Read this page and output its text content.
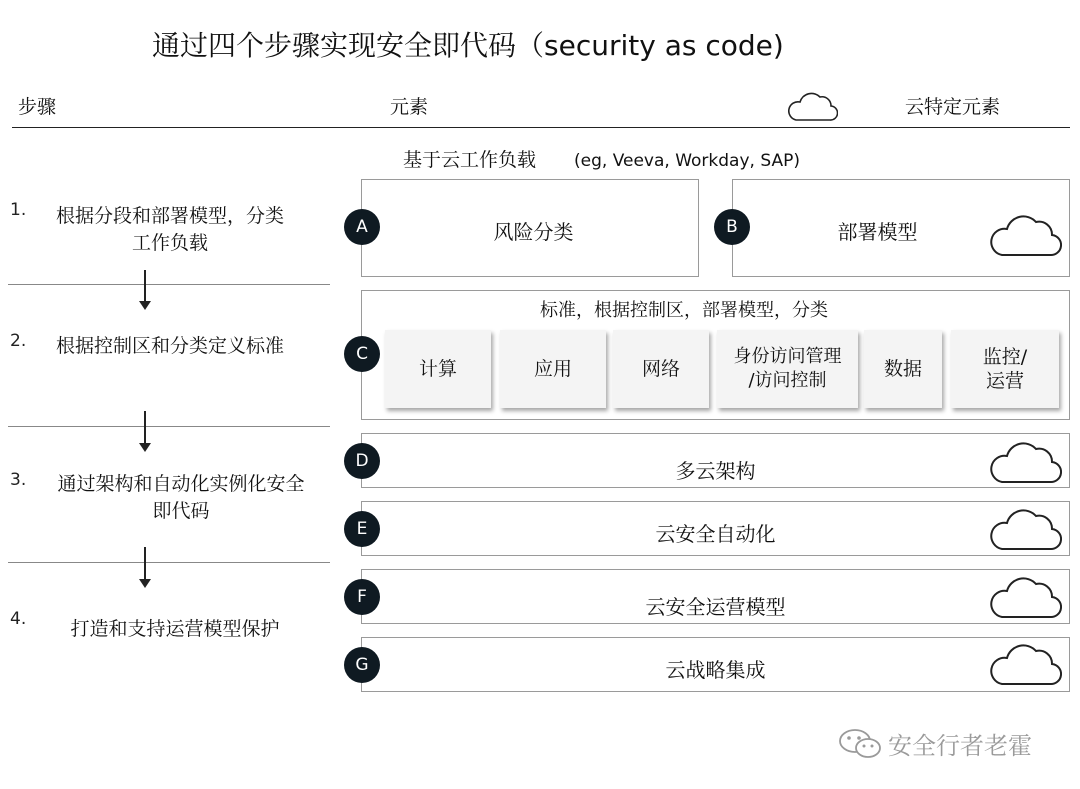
通过四个步骤实现安全即代码（security as code)
步骤	元素	云特定元素
基于云工作负载 (eg, Veeva, Workday, SAP)
1.	根据分段和部署模型，分类
工作负载
2.	根据控制区和分类定义标准
3.	通过架构和自动化实例化安全
即代码
4.	打造和支持运营模型保护
A	风险分类	B	部署模型
C
标准，根据控制区，部署模型，分类
计算	应用	网络
身份访问管理
/访问控制
数据
监控/
运营
D	多云架构
E	云安全自动化
F	云安全运营模型
G	云战略集成
安全行者老霍
